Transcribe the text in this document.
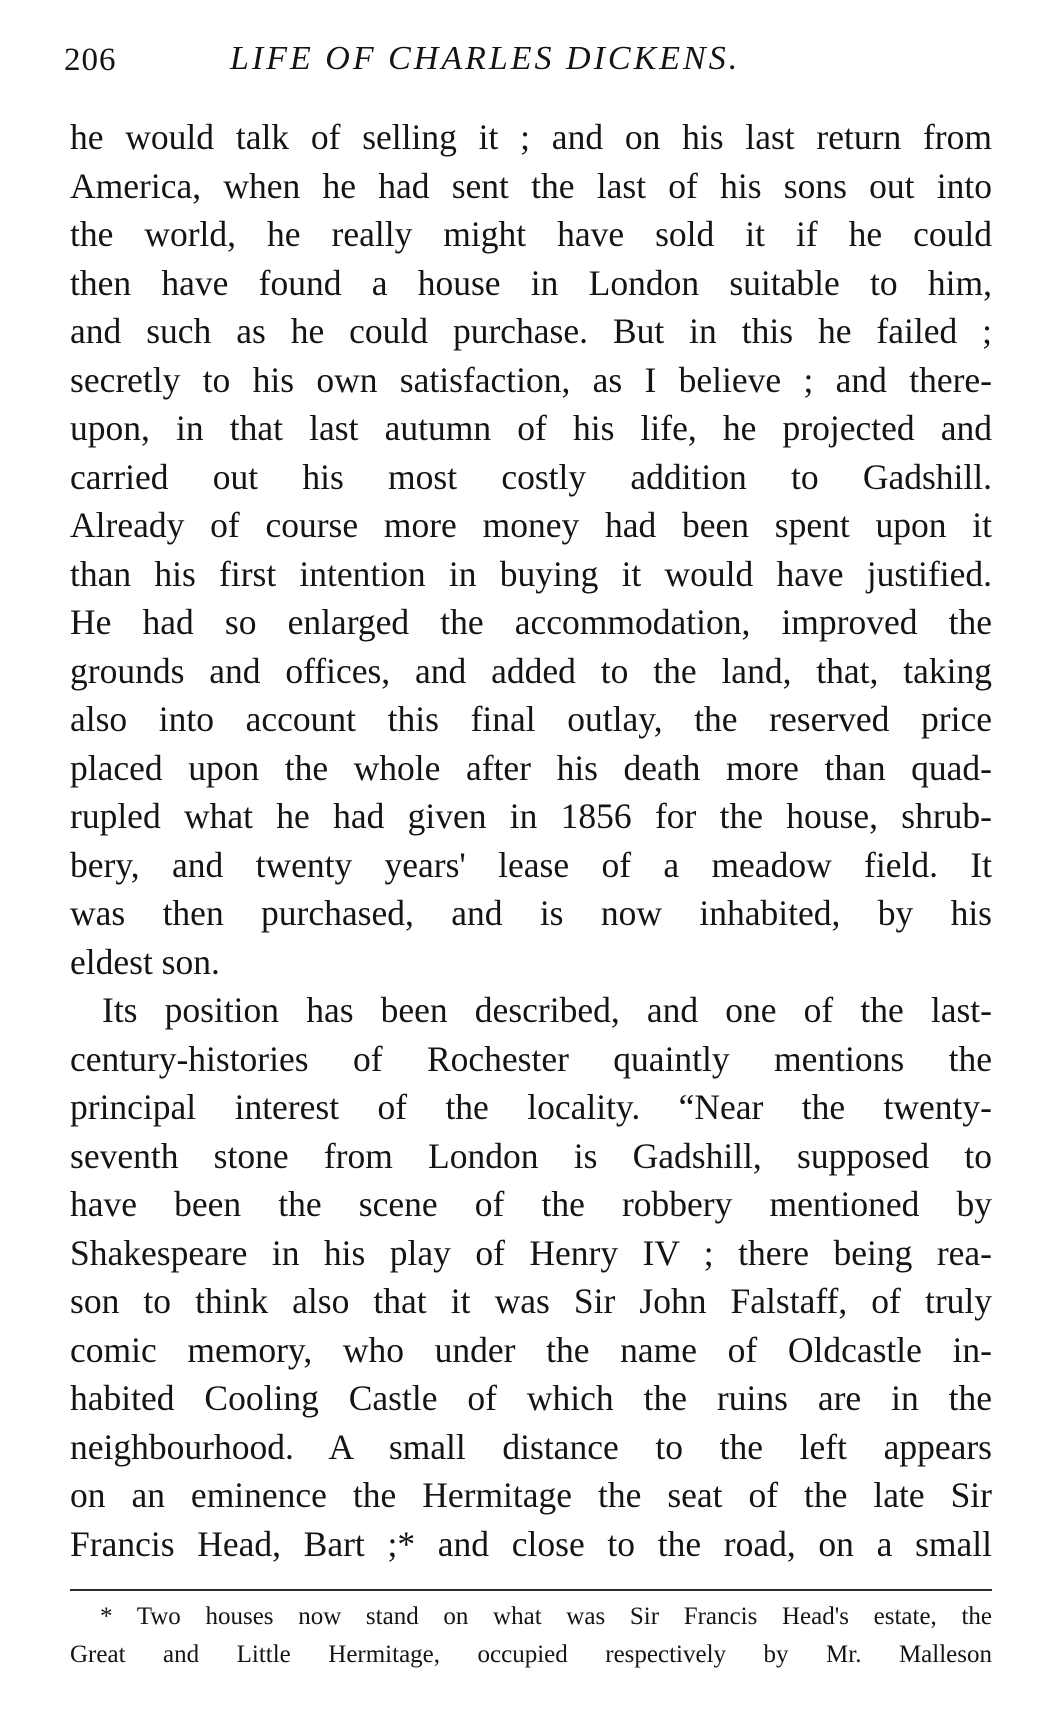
206	LIFE OF CHARLES DICKENS.
he would talk of selling it ; and on his last return from
America, when he had sent the last of his sons out into
the world, he really might have sold it if he could
then have found a house in London suitable to him,
and such as he could purchase. But in this he failed ;
secretly to his own satisfaction, as I believe ; and there-
upon, in that last autumn of his life, he projected and
carried out his most costly addition to Gadshill.
Already of course more money had been spent upon it
than his first intention in buying it would have justified.
He had so enlarged the accommodation, improved the
grounds and offices, and added to the land, that, taking
also into account this final outlay, the reserved price
placed upon the whole after his death more than quad-
rupled what he had given in 1856 for the house, shrub-
bery, and twenty years' lease of a meadow field. It
was then purchased, and is now inhabited, by his
eldest son.
Its position has been described, and one of the last-
century-histories of Rochester quaintly mentions the
principal interest of the locality. “Near the twenty-
seventh stone from London is Gadshill, supposed to
have been the scene of the robbery mentioned by
Shakespeare in his play of Henry IV ; there being rea-
son to think also that it was Sir John Falstaff, of truly
comic memory, who under the name of Oldcastle in-
habited Cooling Castle of which the ruins are in the
neighbourhood. A small distance to the left appears
on an eminence the Hermitage the seat of the late Sir
Francis Head, Bart ;* and close to the road, on a small
* Two houses now stand on what was Sir Francis Head's estate, the
Great and Little Hermitage, occupied respectively by Mr. Malleson
